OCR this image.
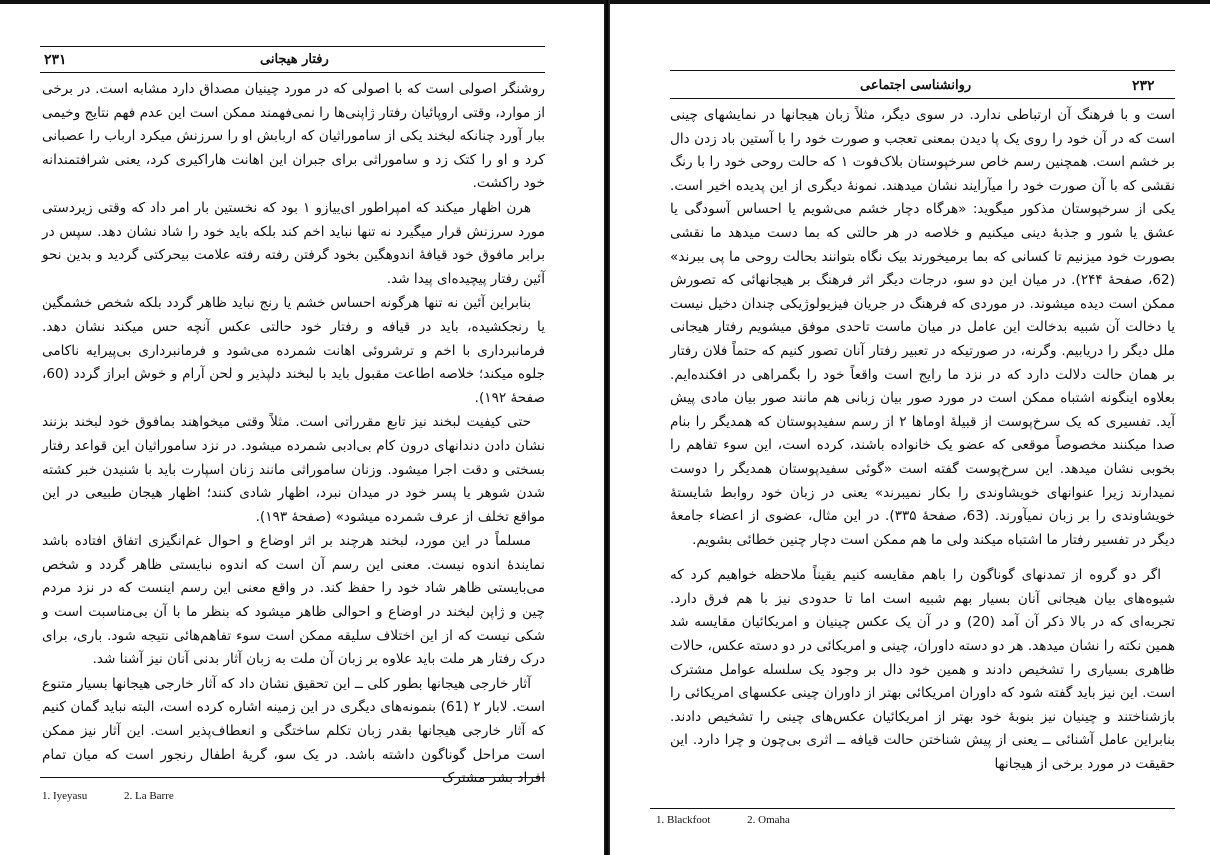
رفتار هیجانی
۲۳۱

روشنگر اصولی است که با اصولی که در مورد چینیان مصداق دارد مشابه است. در برخی از موارد، وقتی اروپائیان رفتار ژاپنی‌ها را نمی‌فهمند ممکن است این عدم فهم نتایج وخیمی ببار آورد چنانکه لبخند یکی از ساموراثیان که اربابش او را سرزنش میکرد ارباب را عصبانی کرد و او را کتک زد و ساموراثی برای جبران این اهانت هاراکیری کرد، یعنی شرافتمندانه خود راکشت.

هرن اظهار میکند که امپراطور ای‌ییازو ۱ بود که نخستین بار امر داد که وقتی زیردستی مورد سرزنش قرار میگیرد نه تنها نباید اخم کند بلکه باید خود را شاد نشان دهد. سپس در برابر مافوق خود قیافهٔ اندوهگین بخود گرفتن رفته رفته علامت بیحرکتی گردید و بدین نحو آئین رفتار پیچیده‌ای پیدا شد.

بنابراین آئین نه تنها هرگونه احساس خشم یا رنج نباید ظاهر گردد بلکه شخص خشمگین یا رنجکشیده، باید در قیافه و رفتار خود حالتی عکس آنچه حس میکند نشان دهد. فرمانبرداری با اخم و ترشروئی اهانت شمرده می‌شود و فرمانبرداری بی‌پیرایه ناکامی جلوه میکند؛ خلاصه اطاعت مقبول باید با لبخند دلپذیر و لحن آرام و خوش ابراز گردد (60، صفحهٔ ۱۹۲).

حتی کیفیت لبخند نیز تابع مقرراتی است. مثلاً وقتی میخواهند بمافوق خود لبخند بزنند نشان دادن دندانهای درون کام بی‌ادبی شمرده میشود. در نزد ساموراثیان این قواعد رفتار بسختی و دقت اجرا میشود. وزنان ساموراثی مانند زنان اسپارت باید با شنیدن خبر کشته شدن شوهر یا پسر خود در میدان نبرد، اظهار شادی کنند؛ اظهار هیجان طبیعی در این مواقع تخلف از عرف شمرده میشود» (صفحهٔ ۱۹۳).

مسلماً در این مورد، لبخند هرچند بر اثر اوضاع و احوال غم‌انگیزی اتفاق افتاده باشد نمایندهٔ اندوه نیست. معنی این رسم آن است که اندوه نبایستی ظاهر گردد و شخص می‌بایستی ظاهر شاد خود را حفظ کند. در واقع معنی این رسم اینست که در نزد مردم چین و ژاپن لبخند در اوضاع و احوالی ظاهر میشود که بنظر ما با آن بی‌مناسبت است و شکی نیست که از این اختلاف سلیقه ممکن است سوء تفاهم‌هائی نتیجه شود. باری، برای درک رفتار هر ملت باید علاوه بر زبان آن ملت به زبان آثار بدنی آنان نیز آشنا شد.

آثار خارجی هیجانها بطور کلی ــ این تحقیق نشان داد که آثار خارجی هیجانها بسیار متنوع است. لابار ۲ (61) بنمونه‌های دیگری در این زمینه اشاره کرده است، البته نباید گمان کنیم که آثار خارجی هیجانها بقدر زبان تکلم ساختگی و انعطاف‌پذیر است. این آثار نیز ممکن است مراحل گوناگون داشته باشد. در یک سو، گریهٔ اطفال رنجور است که میان تمام افراد بشر مشترک

1. Iyeyasu	2. La Barre
روانشناسی اجتماعی	۲۳۲

است و با فرهنگ آن ارتباطی ندارد. در سوی دیگر، مثلاً زبان هیجانها در نمایشهای چینی است که در آن خود را روی یک پا دیدن بمعنی تعجب و صورت خود را با آستین باد زدن دال بر خشم است. همچنین رسم خاص سرخپوستان بلاک‌فوت ۱ که حالت روحی خود را با رنگ نقشی که با آن صورت خود را میآرایند نشان میدهند. نمونهٔ دیگری از این پدیده اخیر است. یکی از سرخپوستان مذکور میگوید: «هرگاه دچار خشم می‌شویم یا احساس آسودگی یا عشق یا شور و جذبهٔ دینی میکنیم و خلاصه در هر حالتی که بما دست میدهد ما نقشی بصورت خود میزنیم تا کسانی که بما برمیخورند بیک نگاه بتوانند بحالت روحی ما پی ببرند» (62، صفحهٔ ۲۴۴). در میان این دو سو، درجات دیگر اثر فرهنگ بر هیجانهائی که تصورش ممکن است دیده میشوند. در موردی که فرهنگ در جریان فیزیولوژیکی چندان دخیل نیست یا دخالت آن شبیه بدخالت این عامل در میان ماست تاحدی موفق میشویم رفتار هیجانی ملل دیگر را دریابیم. وگرنه، در صورتیکه در تعبیر رفتار آنان تصور کنیم که حتماً فلان رفتار بر همان حالت دلالت دارد که در نزد ما رایج است واقعاً خود را بگمراهی در افکنده‌ایم. بعلاوه اینگونه اشتباه ممکن است در مورد صور بیان زبانی هم مانند صور بیان مادی پیش آید. تفسیری که یک سرخ‌پوست از قبیلهٔ اوماها ۲ از رسم سفیدپوستان که همدیگر را بنام صدا میکنند مخصوصاً موقعی که عضو یک خانواده باشند، کرده است، این سوء تفاهم را بخوبی نشان میدهد. این سرخ‌پوست گفته است «گوئی سفیدپوستان همدیگر را دوست نمیدارند زیرا عنوانهای خویشاوندی را بکار نمیبرند» یعنی در زبان خود روابط شایستهٔ خویشاوندی را بر زبان نمیآورند. (63، صفحهٔ ۳۳۵). در این مثال، عضوی از اعضاء جامعهٔ دیگر در تفسیر رفتار ما اشتباه میکند ولی ما هم ممکن است دچار چنین خطائی بشویم.

اگر دو گروه از تمدنهای گوناگون را باهم مقایسه کنیم یقیناً ملاحظه خواهیم کرد که شیوه‌های بیان هیجانی آنان بسیار بهم شبیه است اما تا حدودی نیز با هم فرق دارد. تجربه‌ای که در بالا ذکر آن آمد (20) و در آن یک عکس چینیان و امریکائیان مقایسه شد همین نکته را نشان میدهد. هر دو دسته داوران، چینی و امریکائی در دو دسته عکس، حالات ظاهری بسیاری را تشخیص دادند و همین خود دال بر وجود یک سلسله عوامل مشترک است. این نیز باید گفته شود که داوران امریکائی بهتر از داوران چینی عکسهای امریکائی را بازشناختند و چینیان نیز بنوبهٔ خود بهتر از امریکائیان عکس‌های چینی را تشخیص دادند. بنابراین عامل آشنائی ــ یعنی از پیش شناختن حالت قیافه ــ اثری بی‌چون و چرا دارد. این حقیقت در مورد برخی از هیجانها

1. Blackfoot	2. Omaha
